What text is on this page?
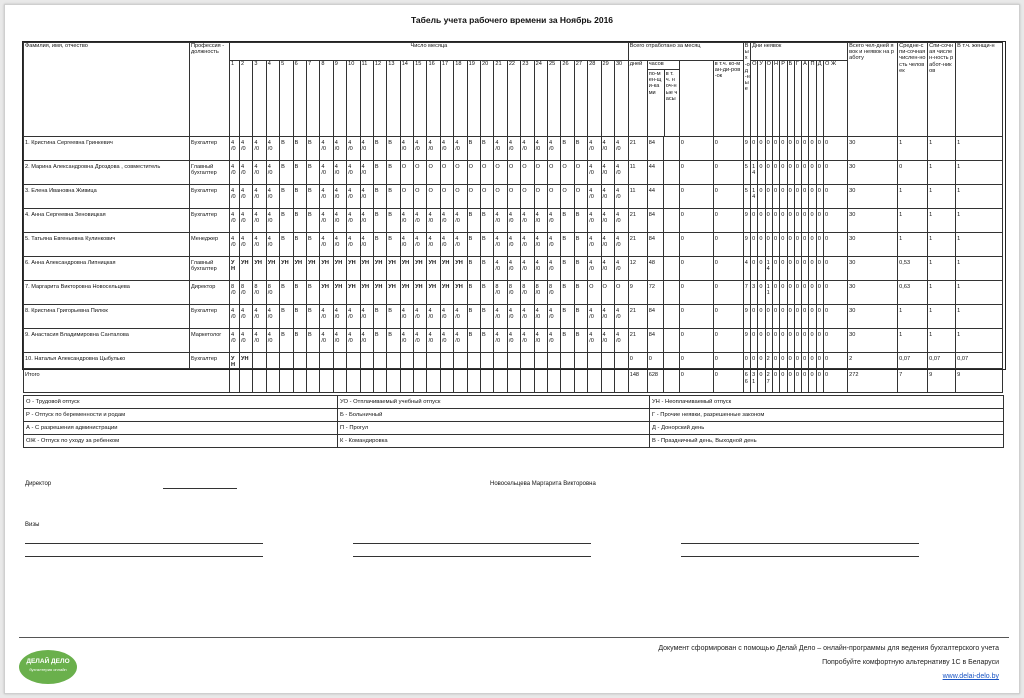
Табель учета рабочего времени за Ноябрь 2016
Фамилия, имя, отчество	Профессия - должность	Число месяца																														Всего отработано за месяц					Вых-од-ные	Дни неявок											Всего чел-дней явок и неявок на работу	Средне-спи-сочная числен-ность человек	Спи-сочная числен-ность работ-ников	В т.ч. женщи-н
		1	2	3	4	5	6	7	8	9	10	11	12	13	14	15	16	17	18	19	20	21	22	23	24	25	26	27	28	29	30	дней	часов
по-мен-щи-ками
в т. ч. ноч-ные часы			в т.ч. ко-ман-ди-ров-ок		О	У	О	Н	Р	Б	Г	А	П	Д	О Ж				
1. Кристина Сергеевна Гринкевич	Бухгалтер	4
/0	4
/0	4
/0	4
/0	В	В	В	4
/0	4
/0	4
/0	4
/0	В	В	4
/0	4
/0	4
/0	4
/0	4
/0	В	В	4
/0	4
/0	4
/0	4
/0	4
/0	В	В	4
/0	4
/0	4
/0	21	84		0	0	9	0	0	0	0	0	0	0	0	0	0	0	30	1	1	1
2. Марина Александровна Дроздова , совместитель	Главный бухгалтер	4
/0	4
/0	4
/0	4
/0	В	В	В	4
/0	4
/0	4
/0	4
/0	В	В	О	О	О	О	О	О	О	О	О	О	О	О	О	О	4
/0	4
/0	4
/0	11	44		0	0	5	14	0	0	0	0	0	0	0	0	0	0	30	0	1	1
3. Елена Ивановна Живица	Бухгалтер	4
/0	4
/0	4
/0	4
/0	В	В	В	4
/0	4
/0	4
/0	4
/0	В	В	О	О	О	О	О	О	О	О	О	О	О	О	О	О	4
/0	4
/0	4
/0	11	44		0	0	5	14	0	0	0	0	0	0	0	0	0	0	30	1	1	1
4. Анна Сергеевна Зеновицкая	Бухгалтер	4
/0	4
/0	4
/0	4
/0	В	В	В	4
/0	4
/0	4
/0	4
/0	В	В	4
/0	4
/0	4
/0	4
/0	4
/0	В	В	4
/0	4
/0	4
/0	4
/0	4
/0	В	В	4
/0	4
/0	4
/0	21	84		0	0	9	0	0	0	0	0	0	0	0	0	0	0	30	1	1	1
5. Татьяна Евгеньевна Кулинкович	Менеджер	4
/0	4
/0	4
/0	4
/0	В	В	В	4
/0	4
/0	4
/0	4
/0	В	В	4
/0	4
/0	4
/0	4
/0	4
/0	В	В	4
/0	4
/0	4
/0	4
/0	4
/0	В	В	4
/0	4
/0	4
/0	21	84		0	0	9	0	0	0	0	0	0	0	0	0	0	0	30	1	1	1
6. Анна Александровна Липницкая	Главный бухгалтер	УН	УН	УН	УН	УН	УН	УН	УН	УН	УН	УН	УН	УН	УН	УН	УН	УН	УН	В	В	4
/0	4
/0	4
/0	4
/0	4
/0	В	В	4
/0	4
/0	4
/0	12	48		0	0	4	0	0	14	0	0	0	0	0	0	0	0	30	0,53	1	1
7. Маргарита Викторовна Новосельцева	Директор	8
/0	8
/0	8
/0	8
/0	В	В	В	УН	УН	УН	УН	УН	УН	УН	УН	УН	УН	УН	В	В	8
/0	8
/0	8
/0	8
/0	8
/0	В	В	О	О	О	9	72		0	0	7	3	0	11	0	0	0	0	0	0	0	0	30	0,63	1	1
8. Кристина Григорьевна Пилюк	Бухгалтер	4
/0	4
/0	4
/0	4
/0	В	В	В	4
/0	4
/0	4
/0	4
/0	В	В	4
/0	4
/0	4
/0	4
/0	4
/0	В	В	4
/0	4
/0	4
/0	4
/0	4
/0	В	В	4
/0	4
/0	4
/0	21	84		0	0	9	0	0	0	0	0	0	0	0	0	0	0	30	1	1	1
9. Анастасия Владимировна Санталова	Маркетолог	4
/0	4
/0	4
/0	4
/0	В	В	В	4
/0	4
/0	4
/0	4
/0	В	В	4
/0	4
/0	4
/0	4
/0	4
/0	В	В	4
/0	4
/0	4
/0	4
/0	4
/0	В	В	4
/0	4
/0	4
/0	21	84		0	0	9	0	0	0	0	0	0	0	0	0	0	0	30	1	1	1
10. Наталья Александровна Цыбулько	Бухгалтер	УН	УН																													0	0		0	0	0	0	0	2	0	0	0	0	0	0	0	0	2	0,07	0,07	0,07
Итого																																148	628		0	0	66	31	0	27	0	0	0	0	0	0	0	0	272	7	9	9

О - Трудовой отпуск	УО - Отплачиваемый учебный отпуск	УН - Неоплачиваемый отпуск
Р - Отпуск по беременности и родам	Б - Больничный	Г - Прочие неявки, разрешенные законом
А - С разрешения администрации	П - Прогул	Д - Донорский день
ОЖ - Отпуск по уходу за ребенком	К - Командировка	В - Праздничный день, Выходной день
Директор	Новосельцева Маргарита Викторовна
Визы
ДЕЛАЙ ДЕЛО
бухгалтерия онлайн
Документ сформирован с помощью Делай Дело – онлайн-программы для ведения бухгалтерского учета
Попробуйте комфортную альтернативу 1С в Беларуси
www.delai-delo.by
